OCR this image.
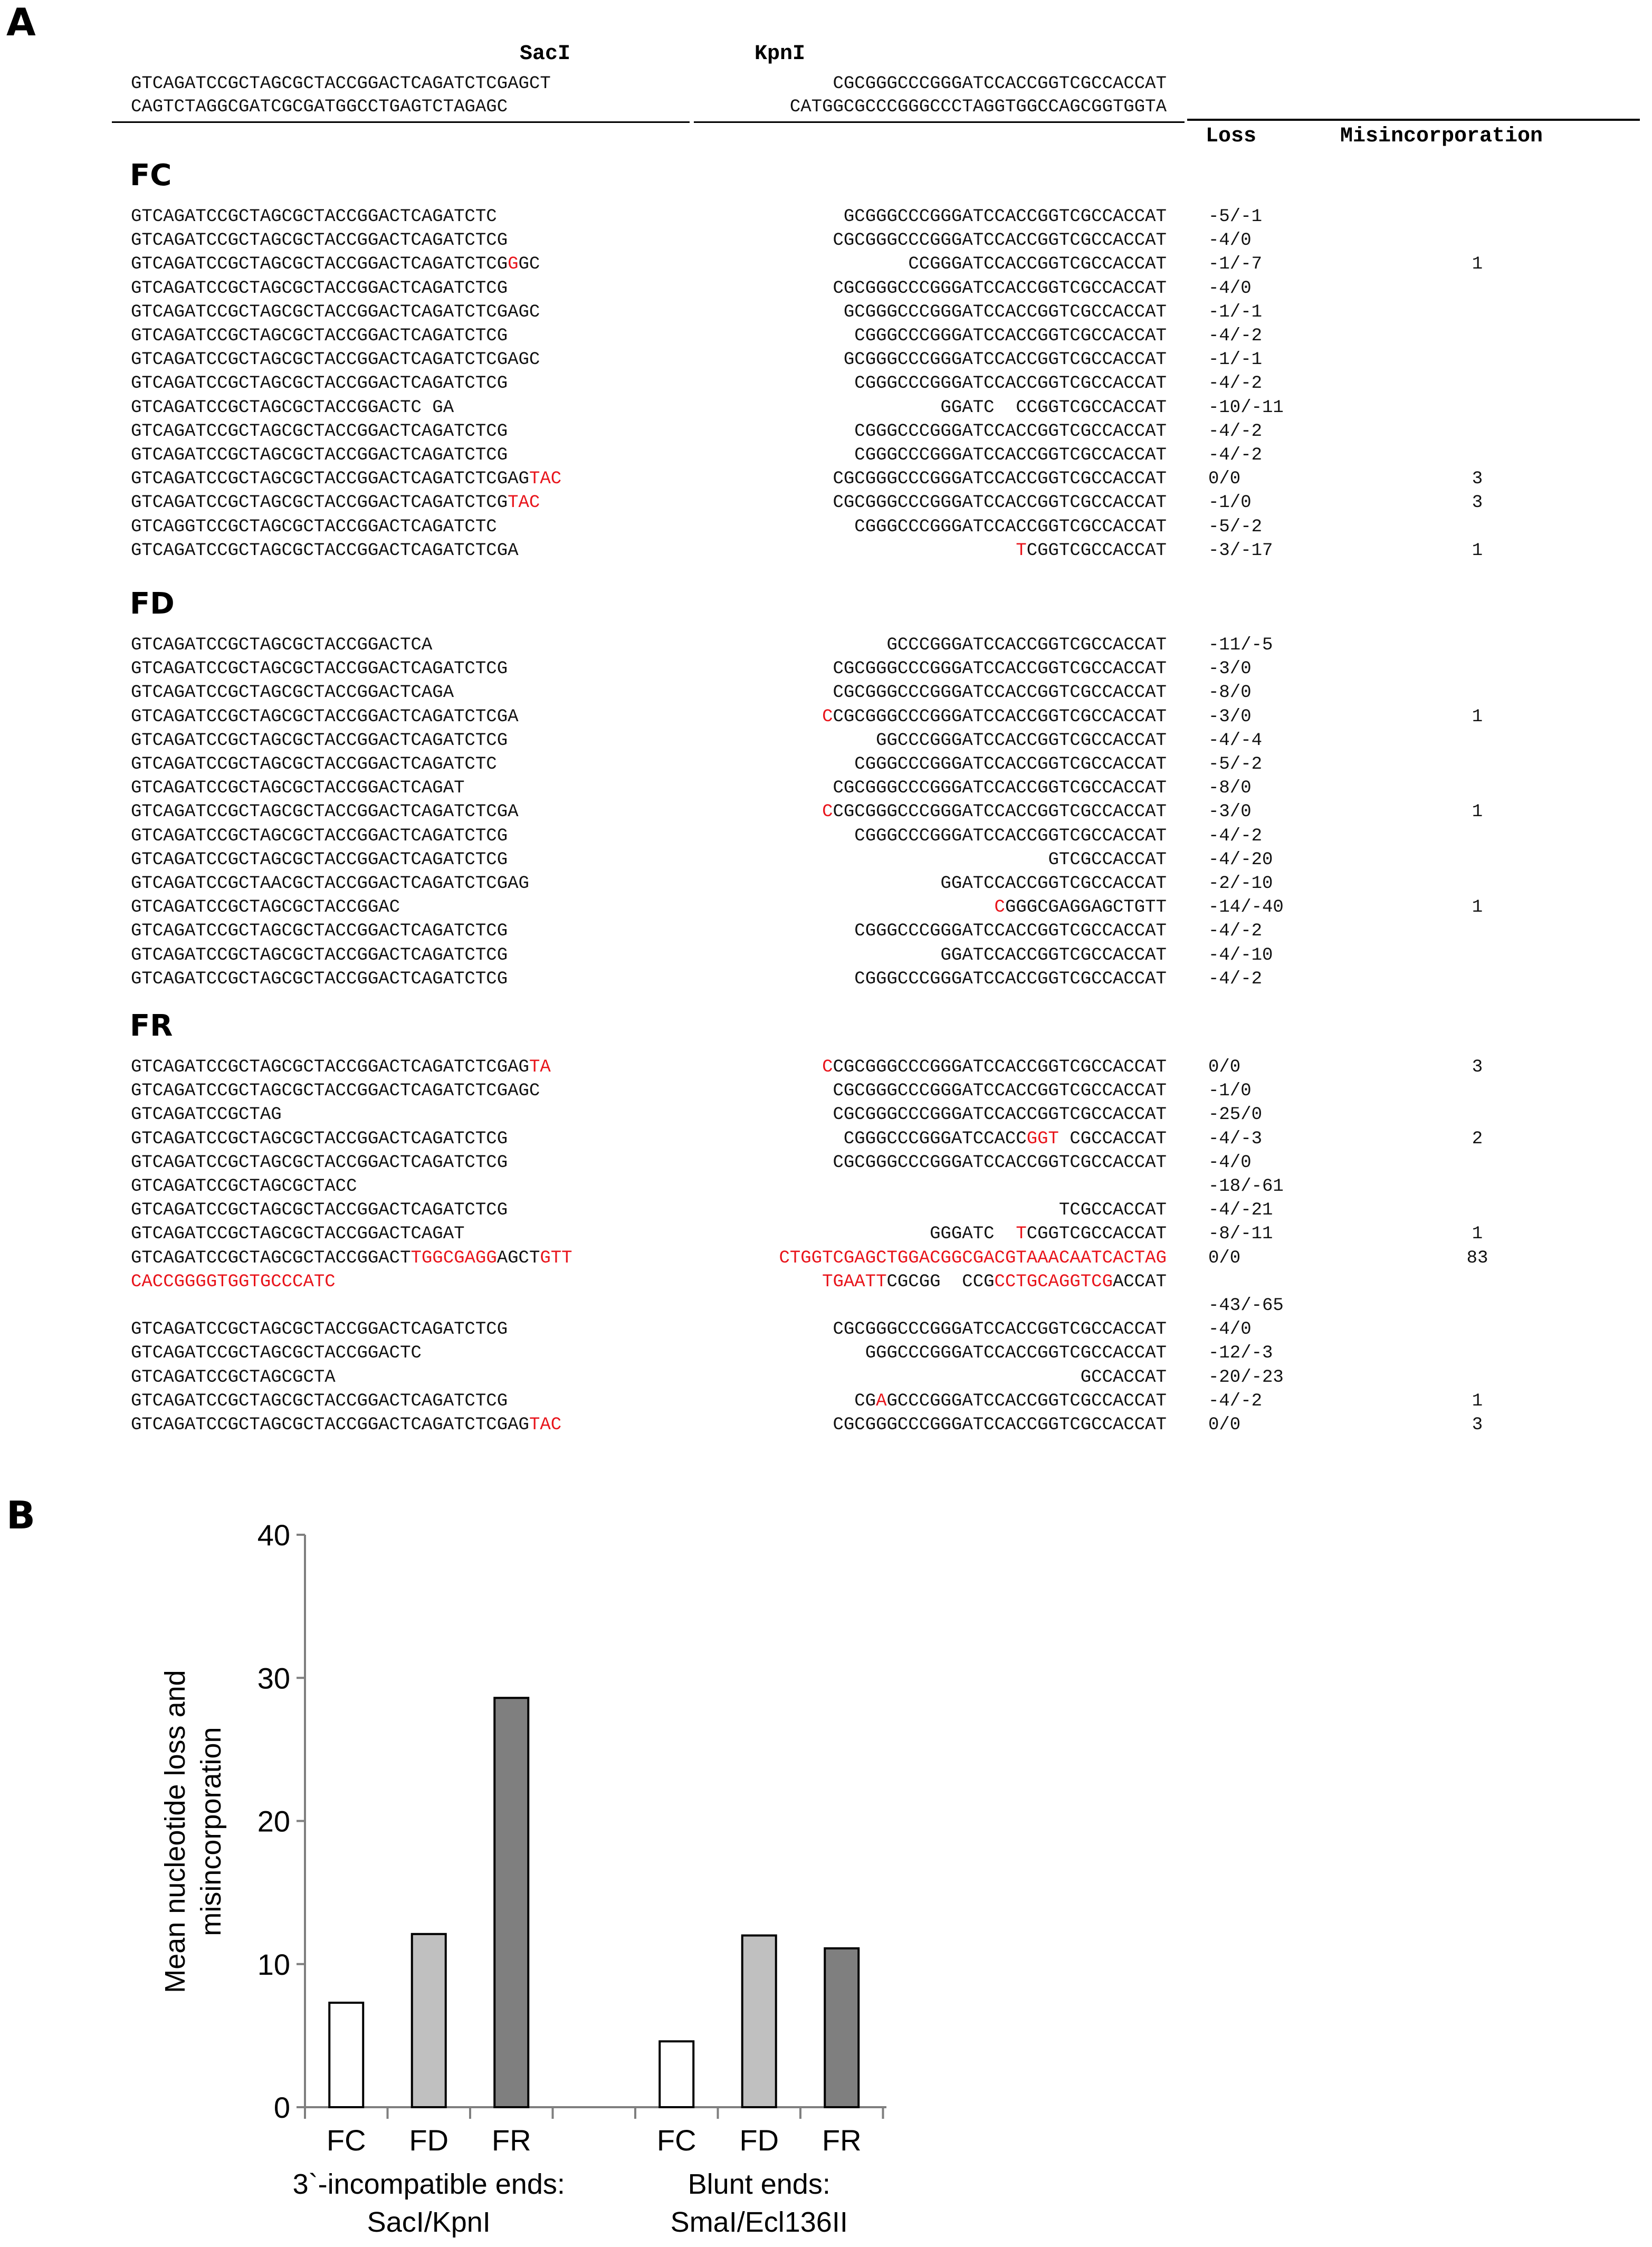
A
SacI	KpnI
GTCAGATCCGCTAGCGCTACCGGACTCAGATCTCGAGCT
CAGTCTAGGCGATCGCGATGGCCTGAGTCTAGAGC
CGCGGGCCCGGGATCCACCGGTCGCCACCAT
CATGGCGCCCGGGCCCTAGGTGGCCAGCGGTGGTA
Loss	Misincorporation
FC
GTCAGATCCGCTAGCGCTACCGGACTCAGATCTC	GCGGGCCCGGGATCCACCGGTCGCCACCAT -5/-1
GTCAGATCCGCTAGCGCTACCGGACTCAGATCTCG	CGCGGGCCCGGGATCCACCGGTCGCCACCAT -4/0
GTCAGATCCGCTAGCGCTACCGGACTCAGATCTCGGGC	CCGGGATCCACCGGTCGCCACCAT -1/-7	1
GTCAGATCCGCTAGCGCTACCGGACTCAGATCTCG	CGCGGGCCCGGGATCCACCGGTCGCCACCAT -4/0
GTCAGATCCGCTAGCGCTACCGGACTCAGATCTCGAGC	GCGGGCCCGGGATCCACCGGTCGCCACCAT -1/-1
GTCAGATCCGCTAGCGCTACCGGACTCAGATCTCG	CGGGCCCGGGATCCACCGGTCGCCACCAT -4/-2
GTCAGATCCGCTAGCGCTACCGGACTCAGATCTCGAGC	GCGGGCCCGGGATCCACCGGTCGCCACCAT -1/-1
GTCAGATCCGCTAGCGCTACCGGACTCAGATCTCG	CGGGCCCGGGATCCACCGGTCGCCACCAT -4/-2
GTCAGATCCGCTAGCGCTACCGGACTC GA	GGATC  CCGGTCGCCACCAT -10/-11
GTCAGATCCGCTAGCGCTACCGGACTCAGATCTCG	CGGGCCCGGGATCCACCGGTCGCCACCAT -4/-2
GTCAGATCCGCTAGCGCTACCGGACTCAGATCTCG	CGGGCCCGGGATCCACCGGTCGCCACCAT -4/-2
GTCAGATCCGCTAGCGCTACCGGACTCAGATCTCGAGTAC	CGCGGGCCCGGGATCCACCGGTCGCCACCAT 0/0	3
GTCAGATCCGCTAGCGCTACCGGACTCAGATCTCGTAC	CGCGGGCCCGGGATCCACCGGTCGCCACCAT -1/0	3
GTCAGGTCCGCTAGCGCTACCGGACTCAGATCTC	CGGGCCCGGGATCCACCGGTCGCCACCAT -5/-2
GTCAGATCCGCTAGCGCTACCGGACTCAGATCTCGA	TCGGTCGCCACCAT -3/-17	1
FD
GTCAGATCCGCTAGCGCTACCGGACTCA	GCCCGGGATCCACCGGTCGCCACCAT -11/-5
GTCAGATCCGCTAGCGCTACCGGACTCAGATCTCG	CGCGGGCCCGGGATCCACCGGTCGCCACCAT -3/0
GTCAGATCCGCTAGCGCTACCGGACTCAGA	CGCGGGCCCGGGATCCACCGGTCGCCACCAT -8/0
GTCAGATCCGCTAGCGCTACCGGACTCAGATCTCGA	CCGCGGGCCCGGGATCCACCGGTCGCCACCAT -3/0	1
GTCAGATCCGCTAGCGCTACCGGACTCAGATCTCG	GGCCCGGGATCCACCGGTCGCCACCAT -4/-4
GTCAGATCCGCTAGCGCTACCGGACTCAGATCTC	CGGGCCCGGGATCCACCGGTCGCCACCAT -5/-2
GTCAGATCCGCTAGCGCTACCGGACTCAGAT	CGCGGGCCCGGGATCCACCGGTCGCCACCAT -8/0
GTCAGATCCGCTAGCGCTACCGGACTCAGATCTCGA	CCGCGGGCCCGGGATCCACCGGTCGCCACCAT -3/0	1
GTCAGATCCGCTAGCGCTACCGGACTCAGATCTCG	CGGGCCCGGGATCCACCGGTCGCCACCAT -4/-2
GTCAGATCCGCTAGCGCTACCGGACTCAGATCTCG	GTCGCCACCAT -4/-20
GTCAGATCCGCTAACGCTACCGGACTCAGATCTCGAG	GGATCCACCGGTCGCCACCAT -2/-10
GTCAGATCCGCTAGCGCTACCGGAC	CGGGCGAGGAGCTGTT -14/-40	1
GTCAGATCCGCTAGCGCTACCGGACTCAGATCTCG	CGGGCCCGGGATCCACCGGTCGCCACCAT -4/-2
GTCAGATCCGCTAGCGCTACCGGACTCAGATCTCG	GGATCCACCGGTCGCCACCAT -4/-10
GTCAGATCCGCTAGCGCTACCGGACTCAGATCTCG	CGGGCCCGGGATCCACCGGTCGCCACCAT -4/-2
FR
GTCAGATCCGCTAGCGCTACCGGACTCAGATCTCGAGTA	CCGCGGGCCCGGGATCCACCGGTCGCCACCAT 0/0	3
GTCAGATCCGCTAGCGCTACCGGACTCAGATCTCGAGC	CGCGGGCCCGGGATCCACCGGTCGCCACCAT -1/0
GTCAGATCCGCTAG	CGCGGGCCCGGGATCCACCGGTCGCCACCAT -25/0
GTCAGATCCGCTAGCGCTACCGGACTCAGATCTCG	CGGGCCCGGGATCCACCGGT CGCCACCAT -4/-3	2
GTCAGATCCGCTAGCGCTACCGGACTCAGATCTCG	CGCGGGCCCGGGATCCACCGGTCGCCACCAT -4/0
GTCAGATCCGCTAGCGCTACC	-18/-61
GTCAGATCCGCTAGCGCTACCGGACTCAGATCTCG	TCGCCACCAT -4/-21
GTCAGATCCGCTAGCGCTACCGGACTCAGAT	GGGATC  TCGGTCGCCACCAT -8/-11	1
GTCAGATCCGCTAGCGCTACCGGACTTGGCGAGGAGCTGTT	CTGGTCGAGCTGGACGGCGACGTAAACAATCACTAG 0/0	83
CACCGGGGTGGTGCCCATC	TGAATTCGCGG  CCGCCTGCAGGTCGACCAT
-43/-65
GTCAGATCCGCTAGCGCTACCGGACTCAGATCTCG	CGCGGGCCCGGGATCCACCGGTCGCCACCAT -4/0
GTCAGATCCGCTAGCGCTACCGGACTC	GGGCCCGGGATCCACCGGTCGCCACCAT -12/-3
GTCAGATCCGCTAGCGCTA	GCCACCAT -20/-23
GTCAGATCCGCTAGCGCTACCGGACTCAGATCTCG	CGAGCCCGGGATCCACCGGTCGCCACCAT -4/-2	1
GTCAGATCCGCTAGCGCTACCGGACTCAGATCTCGAGTAC	CGCGGGCCCGGGATCCACCGGTCGCCACCAT 0/0	3
B
0
10
20
30
40
FC FD FR
3`-incompatible ends:
SacI/KpnI
FC FD FR
Blunt ends:
SmaI/Ecl136II
Mean nucleotide loss and misincorporation
